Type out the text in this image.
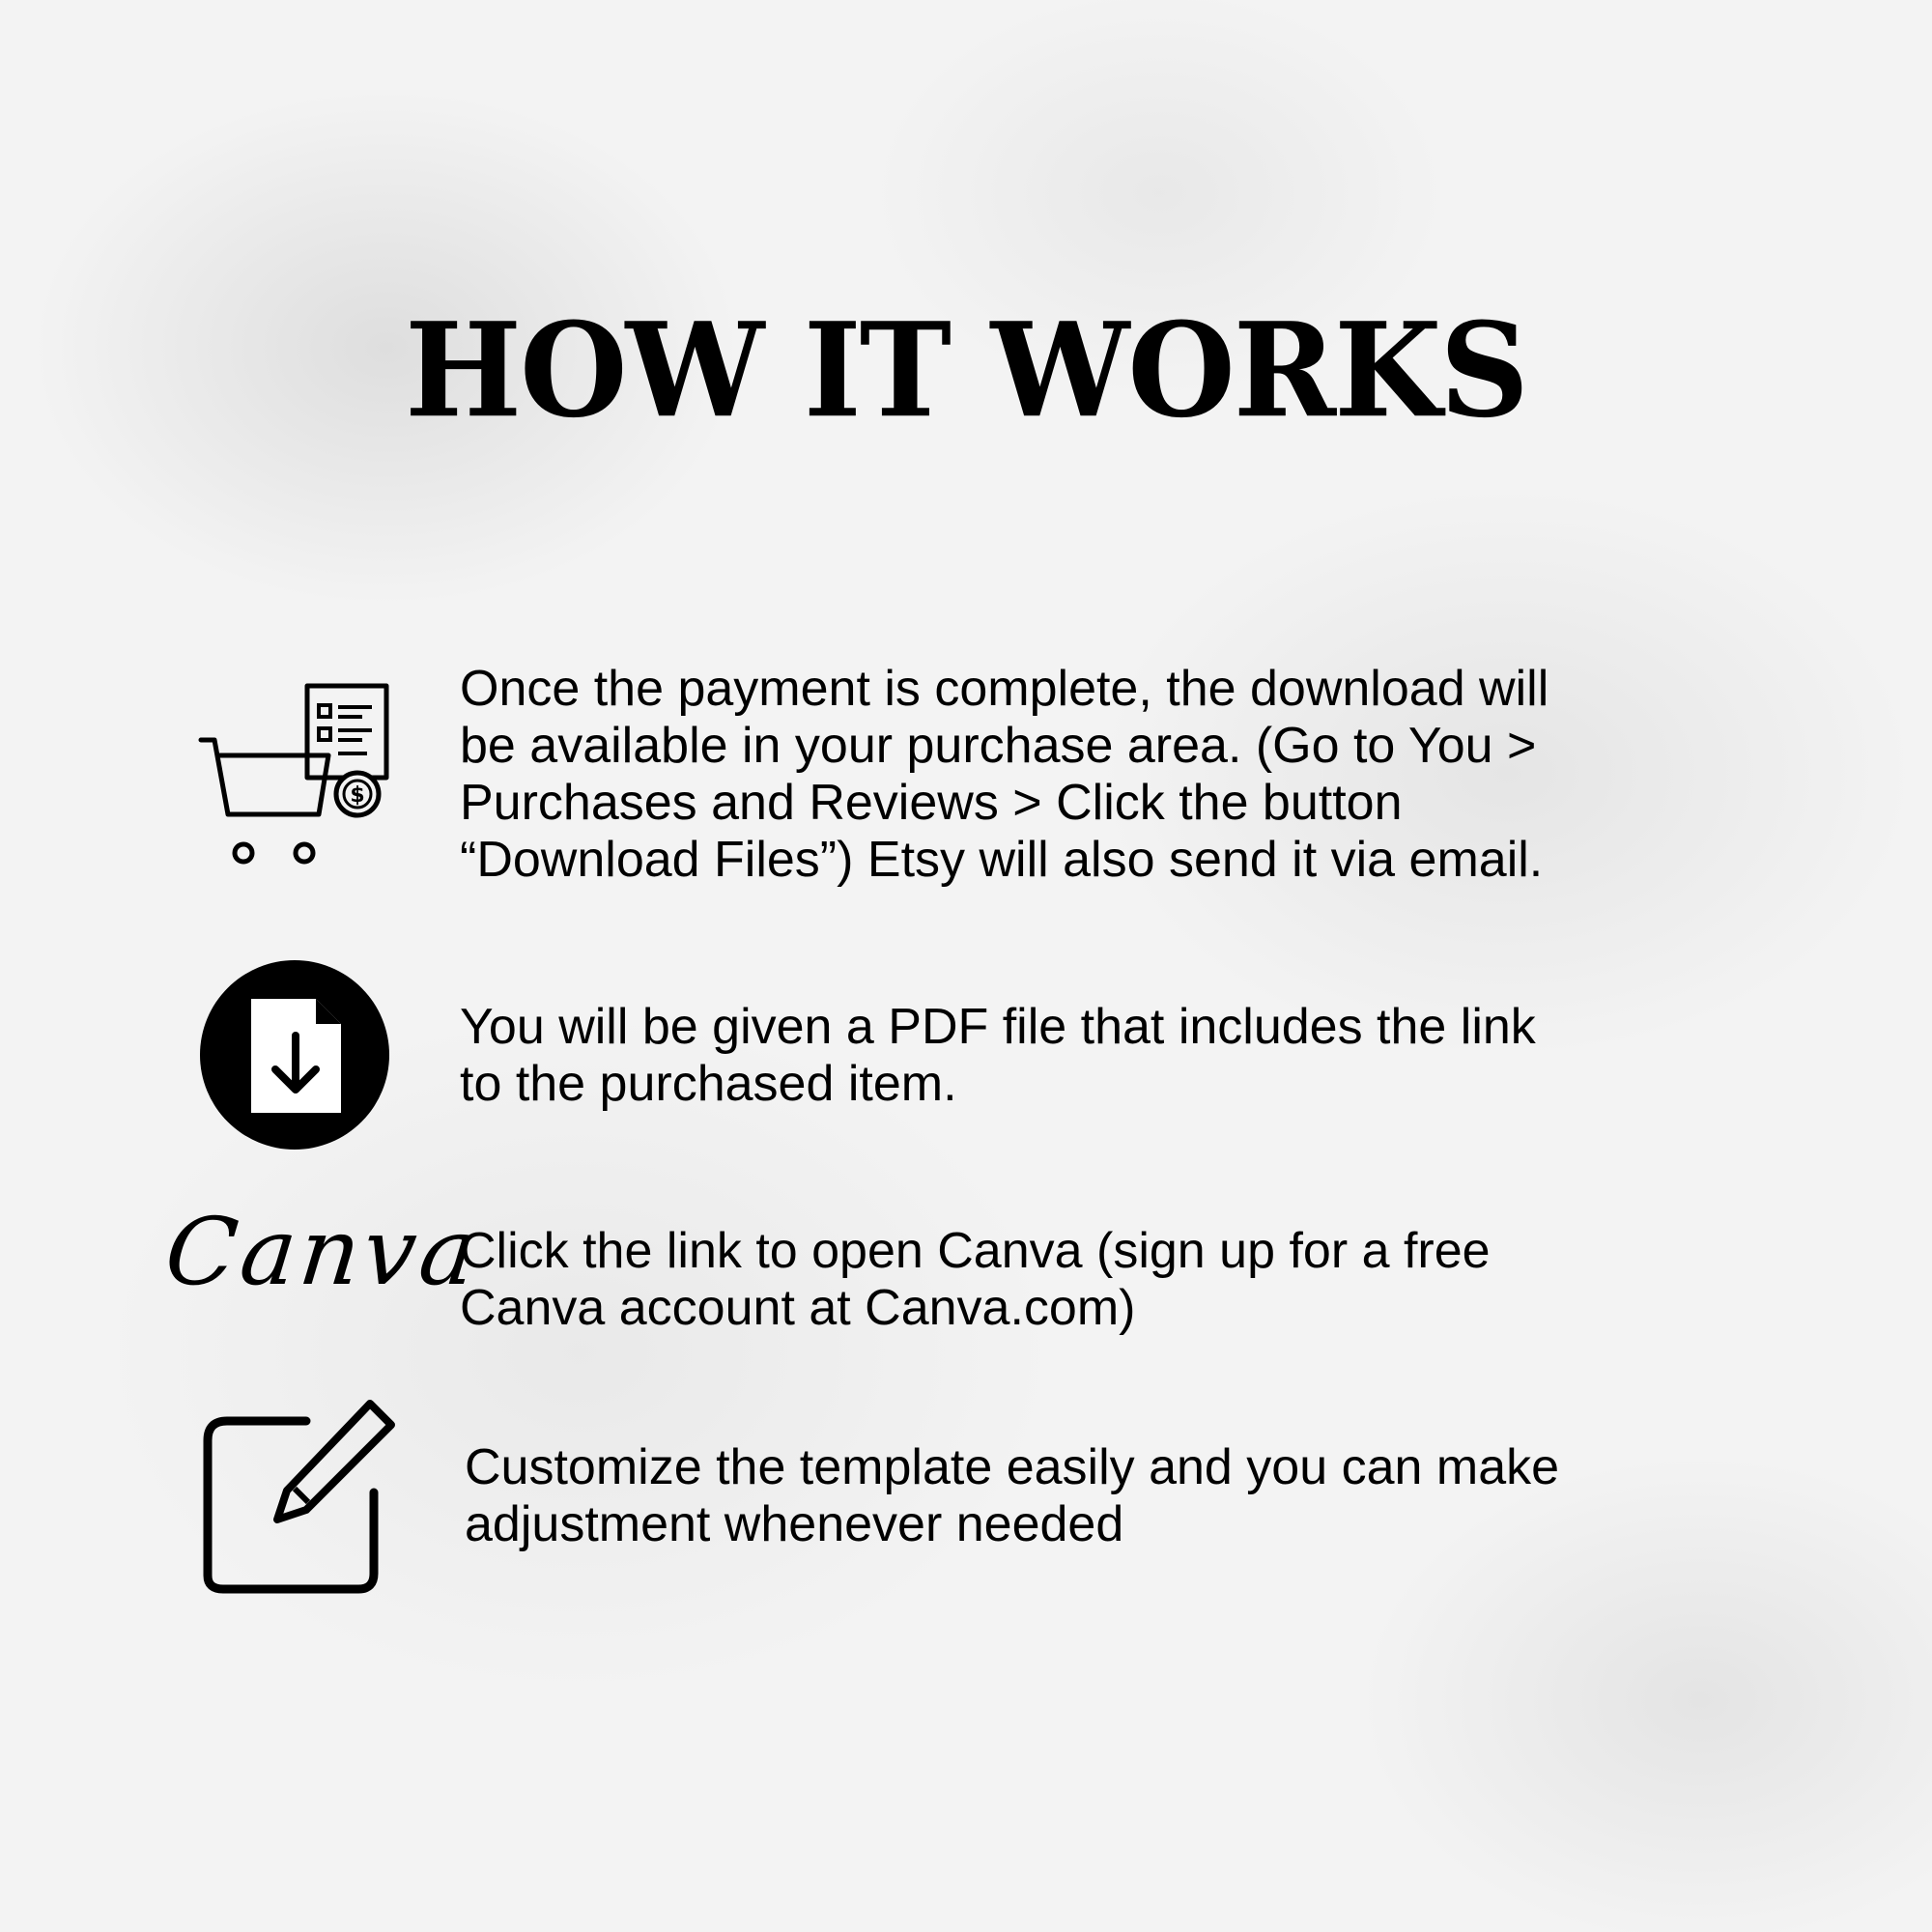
HOW IT WORKS
$

Once the payment is complete, the download will
be available in your purchase area. (Go to You >
Purchases and Reviews > Click the button
“Download Files”) Etsy will also send it via email.

You will be given a PDF file that includes the link
to the purchased item.

Canva

Click the link to open Canva (sign up for a free
Canva account at Canva.com)

Customize the template easily and you can make
adjustment whenever needed
